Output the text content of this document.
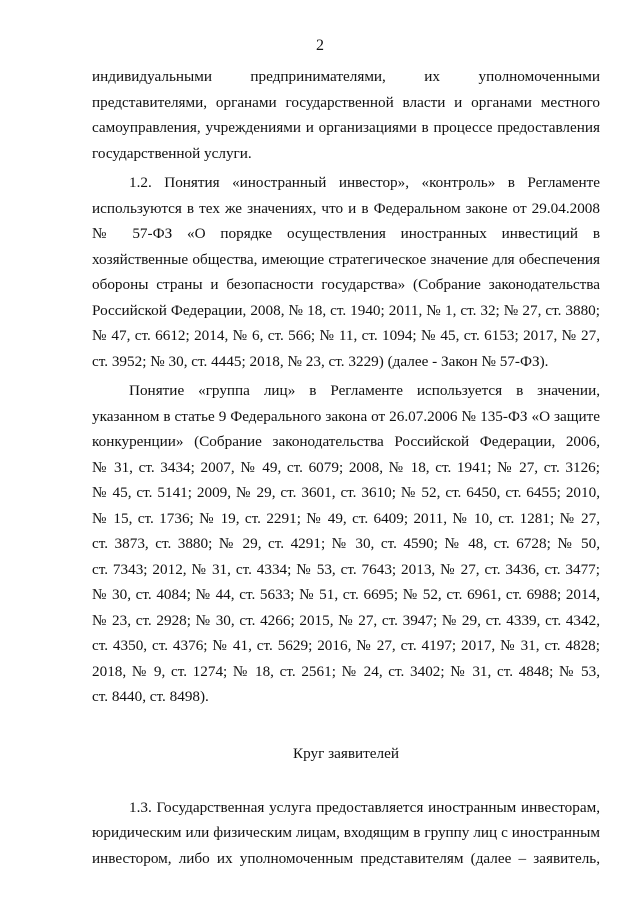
2
индивидуальными предпринимателями, их уполномоченными
представителями, органами государственной власти и органами местного
самоуправления, учреждениями и организациями в процессе предоставления
государственной услуги.
1.2. Понятия «иностранный инвестор», «контроль» в Регламенте
используются в тех же значениях, что и в Федеральном законе от 29.04.2008
№ 57-ФЗ «О порядке осуществления иностранных инвестиций в
хозяйственные общества, имеющие стратегическое значение для обеспечения
обороны страны и безопасности государства» (Собрание законодательства
Российской Федерации, 2008, № 18, ст. 1940; 2011, № 1, ст. 32; № 27, ст. 3880;
№ 47, ст. 6612; 2014, № 6, ст. 566; № 11, ст. 1094; № 45, ст. 6153; 2017, № 27,
ст. 3952; № 30, ст. 4445; 2018, № 23, ст. 3229) (далее - Закон № 57-ФЗ).
Понятие «группа лиц» в Регламенте используется в значении,
указанном в статье 9 Федерального закона от 26.07.2006 № 135-ФЗ «О защите
конкуренции» (Собрание законодательства Российской Федерации, 2006,
№ 31, ст. 3434; 2007, № 49, ст. 6079; 2008, № 18, ст. 1941; № 27, ст. 3126;
№ 45, ст. 5141; 2009, № 29, ст. 3601, ст. 3610; № 52, ст. 6450, ст. 6455; 2010,
№ 15, ст. 1736; № 19, ст. 2291; № 49, ст. 6409; 2011, № 10, ст. 1281; № 27,
ст. 3873, ст. 3880; № 29, ст. 4291; № 30, ст. 4590; № 48, ст. 6728; № 50,
ст. 7343; 2012, № 31, ст. 4334; № 53, ст. 7643; 2013, № 27, ст. 3436, ст. 3477;
№ 30, ст. 4084; № 44, ст. 5633; № 51, ст. 6695; № 52, ст. 6961, ст. 6988; 2014,
№ 23, ст. 2928; № 30, ст. 4266; 2015, № 27, ст. 3947; № 29, ст. 4339, ст. 4342,
ст. 4350, ст. 4376; № 41, ст. 5629; 2016, № 27, ст. 4197; 2017, № 31, ст. 4828;
2018, № 9, ст. 1274; № 18, ст. 2561; № 24, ст. 3402; № 31, ст. 4848; № 53,
ст. 8440, ст. 8498).
Круг заявителей
1.3. Государственная услуга предоставляется иностранным инвесторам,
юридическим или физическим лицам, входящим в группу лиц с иностранным
инвестором, либо их уполномоченным представителям (далее – заявитель,
